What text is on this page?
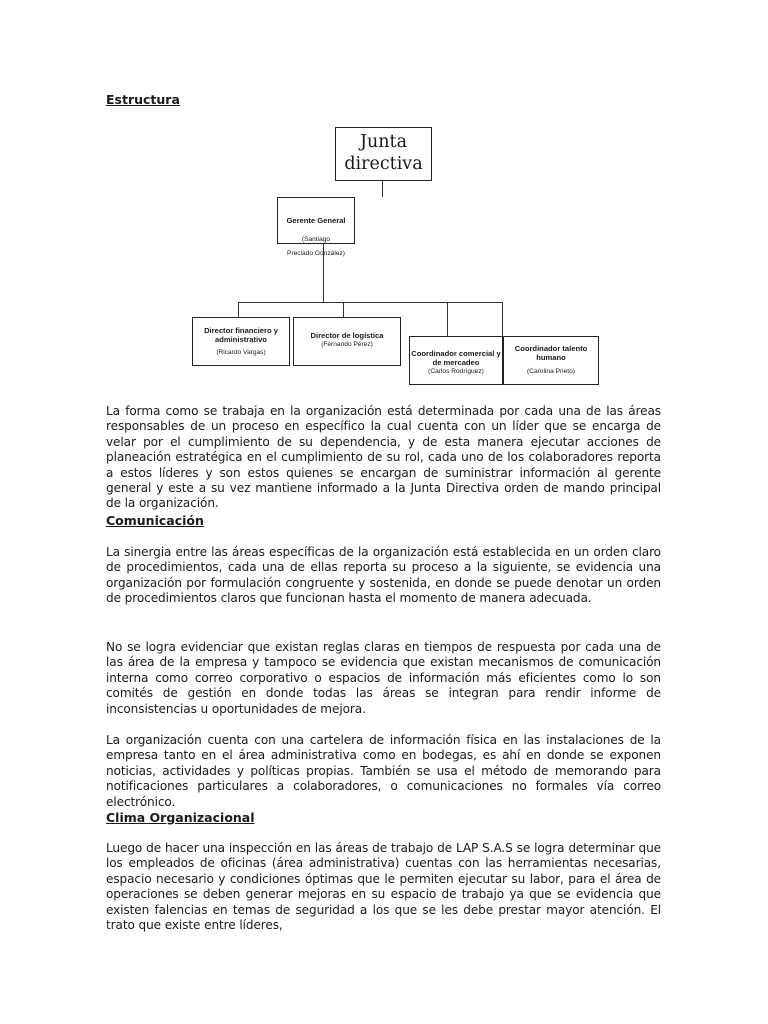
Estructura
Junta
directiva
Gerente General (Santiago
Preciado González)
Director financiero y
administrativo
(Ricardo Vargas)
Director de logística
(Fernando Pérez)
Coordinador comercial y
de mercadeo
(Carlos Rodríguez)
Coordinador talento
humano
(Carolina Prieto)

La forma como se trabaja en la organización está determinada por cada una de las áreas responsables de un proceso en específico la cual cuenta con un líder que se encarga de velar por el cumplimiento de su dependencia, y de esta manera ejecutar acciones de planeación estratégica en el cumplimiento de su rol, cada uno de los colaboradores reporta a estos líderes y son estos quienes se encargan de suministrar información al gerente general y este a su vez mantiene informado a la Junta Directiva orden de mando principal de la organización.

Comunicación

La sinergia entre las áreas específicas de la organización está establecida en un orden claro de procedimientos, cada una de ellas reporta su proceso a la siguiente, se evidencia una organización por formulación congruente y sostenida, en donde se puede denotar un orden de procedimientos claros que funcionan hasta el momento de manera adecuada.

No se logra evidenciar que existan reglas claras en tiempos de respuesta por cada una de las área de la empresa y tampoco se evidencia que existan mecanismos de comunicación interna como correo corporativo o espacios de información más eficientes como lo son comités de gestión en donde todas las áreas se integran para rendir informe de inconsistencias u oportunidades de mejora.

La organización cuenta con una cartelera de información física en las instalaciones de la empresa tanto en el área administrativa como en bodegas, es ahí en donde se exponen noticias, actividades y políticas propias. También se usa el método de memorando para notificaciones particulares a colaboradores, o comunicaciones no formales vía correo electrónico.

Clima Organizacional

Luego de hacer una inspección en las áreas de trabajo de LAP S.A.S se logra determinar que los empleados de oficinas (área administrativa) cuentas con las herramientas necesarias, espacio necesario y condiciones óptimas que le permiten ejecutar su labor, para el área de operaciones se deben generar mejoras en su espacio de trabajo ya que se evidencia que existen falencias en temas de seguridad a los que se les debe prestar mayor atención. El trato que existe entre líderes,
